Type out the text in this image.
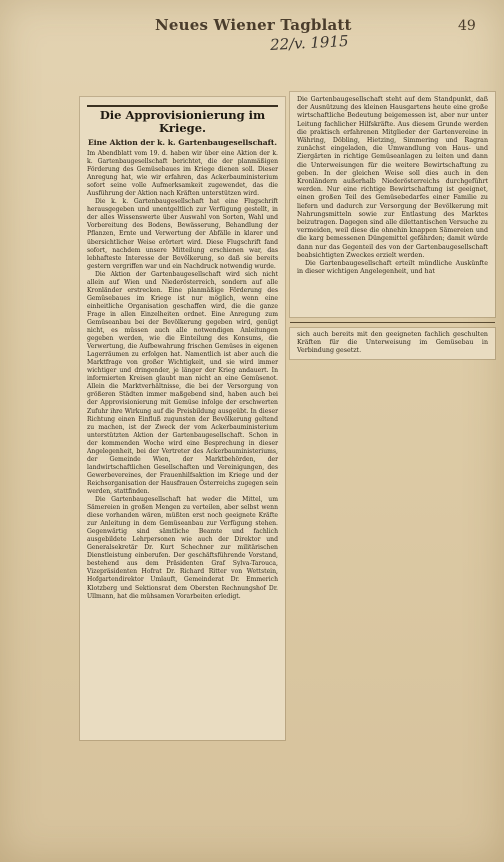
Neues Wiener Tagblatt	49
22/v. 1915
Die Approvisionierung im Kriege.
Eine Aktion der k. k. Gartenbaugesellschaft.

Im Abendblatt vom 19. d. haben wir über eine Aktion der k. k. Gartenbaugesellschaft berichtet, die der planmäßigen Förderung des Gemüsebaues im Kriege dienen soll. Dieser Anregung hat, wie wir erfahren, das Ackerbauministerium sofort seine volle Aufmerksamkeit zugewendet, das die Ausführung der Aktion nach Kräften unterstützen wird.

Die k. k. Gartenbaugesellschaft hat eine Flugschrift herausgegeben und unentgeltlich zur Verfügung gestellt, in der alles Wissenswerte über Auswahl von Sorten, Wahl und Vorbereitung des Bodens, Bewässerung, Behandlung der Pflanzen, Ernte und Verwertung der Abfälle in klarer und übersichtlicher Weise erörtert wird. Diese Flugschrift fand sofort, nachdem unsere Mitteilung erschienen war, das lebhafteste Interesse der Bevölkerung, so daß sie bereits gestern vergriffen war und ein Nachdruck notwendig wurde.

Die Aktion der Gartenbaugesellschaft wird sich nicht allein auf Wien und Niederösterreich, sondern auf alle Kronländer erstrecken. Eine planmäßige Förderung des Gemüsebaues im Kriege ist nur möglich, wenn eine einheitliche Organisation geschaffen wird, die die ganze Frage in allen Einzelheiten ordnet. Eine Anregung zum Gemüseanbau bei der Bevölkerung gegeben wird, genügt nicht, es müssen auch alle notwendigen Anleitungen gegeben werden, wie die Einteilung des Konsums, die Verwertung, die Aufbewahrung frischen Gemüses in eigenen Lagerräumen zu erfolgen hat. Namentlich ist aber auch die Marktfrage von großer Wichtigkeit, und sie wird immer wichtiger und dringender, je länger der Krieg andauert. In informierten Kreisen glaubt man nicht an eine Gemüsenot. Allein die Marktverhältnisse, die bei der Versorgung von größeren Städten immer maßgebend sind, haben auch bei der Approvisionierung mit Gemüse infolge der erschwerten Zufuhr ihre Wirkung auf die Preisbildung ausgeübt. In dieser Richtung einen Einfluß zugunsten der Bevölkerung geltend zu machen, ist der Zweck der vom Ackerbauministerium unterstützten Aktion der Gartenbaugesellschaft. Schon in der kommenden Woche wird eine Besprechung in dieser Angelegenheit, bei der Vertreter des Ackerbauministeriums, der Gemeinde Wien, der Marktbehörden, der landwirtschaftlichen Gesellschaften und Vereinigungen, des Gewerbevereines, der Frauenhilfsaktion im Kriege und der Reichsorganisation der Hausfrauen Österreichs zugegen sein werden, stattfinden.

Die Gartenbaugesellschaft hat weder die Mittel, um Sämereien in großen Mengen zu verteilen, aber selbst wenn diese vorhanden wären, müßten erst noch geeignete Kräfte zur Anleitung in dem Gemüseanbau zur Verfügung stehen. Gegenwärtig sind sämtliche Beamte und fachlich ausgebildete Lehrpersonen wie auch der Direktor und Generalsekretär Dr. Kurt Schechner zur militärischen Dienstleistung einberufen. Der geschäftsführende Vorstand, bestehend aus dem Präsidenten Graf Sylva-Tarouca, Vizepräsidenten Hofrat Dr. Richard Ritter von Wettstein, Hofgartendirektor Umlauft, Gemeinderat Dr. Emmerich Klotzberg und Sektionsrat dem Obersten Rechnungshof Dr. Ullmann, hat die mühsamen Vorarbeiten erledigt.

Die Gartenbaugesellschaft steht auf dem Standpunkt, daß der Ausnützung des kleinen Hausgartens heute eine große wirtschaftliche Bedeutung beigemessen ist, aber nur unter Leitung fachlicher Hilfskräfte. Aus diesem Grunde werden die praktisch erfahrenen Mitglieder der Gartenvereine in Währing, Döbling, Hietzing, Simmering und Ragran zunächst eingeladen, die Umwandlung von Haus- und Ziergärten in richtige Gemüseanlagen zu leiten und dann die Unterweisungen für die weitere Bewirtschaftung zu geben. In der gleichen Weise soll dies auch in den Kronländern außerhalb Niederösterreichs durchgeführt werden. Nur eine richtige Bewirtschaftung ist geeignet, einen großen Teil des Gemüsebedarfes einer Familie zu liefern und dadurch zur Versorgung der Bevölkerung mit Nahrungsmitteln sowie zur Entlastung des Marktes beizutragen. Dagegen sind alle dilettantischen Versuche zu vermeiden, weil diese die ohnehin knappen Sämereien und die karg bemessenen Düngemittel gefährden; damit würde dann nur das Gegenteil des von der Gartenbaugesellschaft beabsichtigten Zweckes erzielt werden.

Die Gartenbaugesellschaft erteilt mündliche Auskünfte in dieser wichtigen Angelegenheit, und hat

sich auch bereits mit den geeigneten fachlich geschulten Kräften für die Unterweisung im Gemüsebau in Verbindung gesetzt.
